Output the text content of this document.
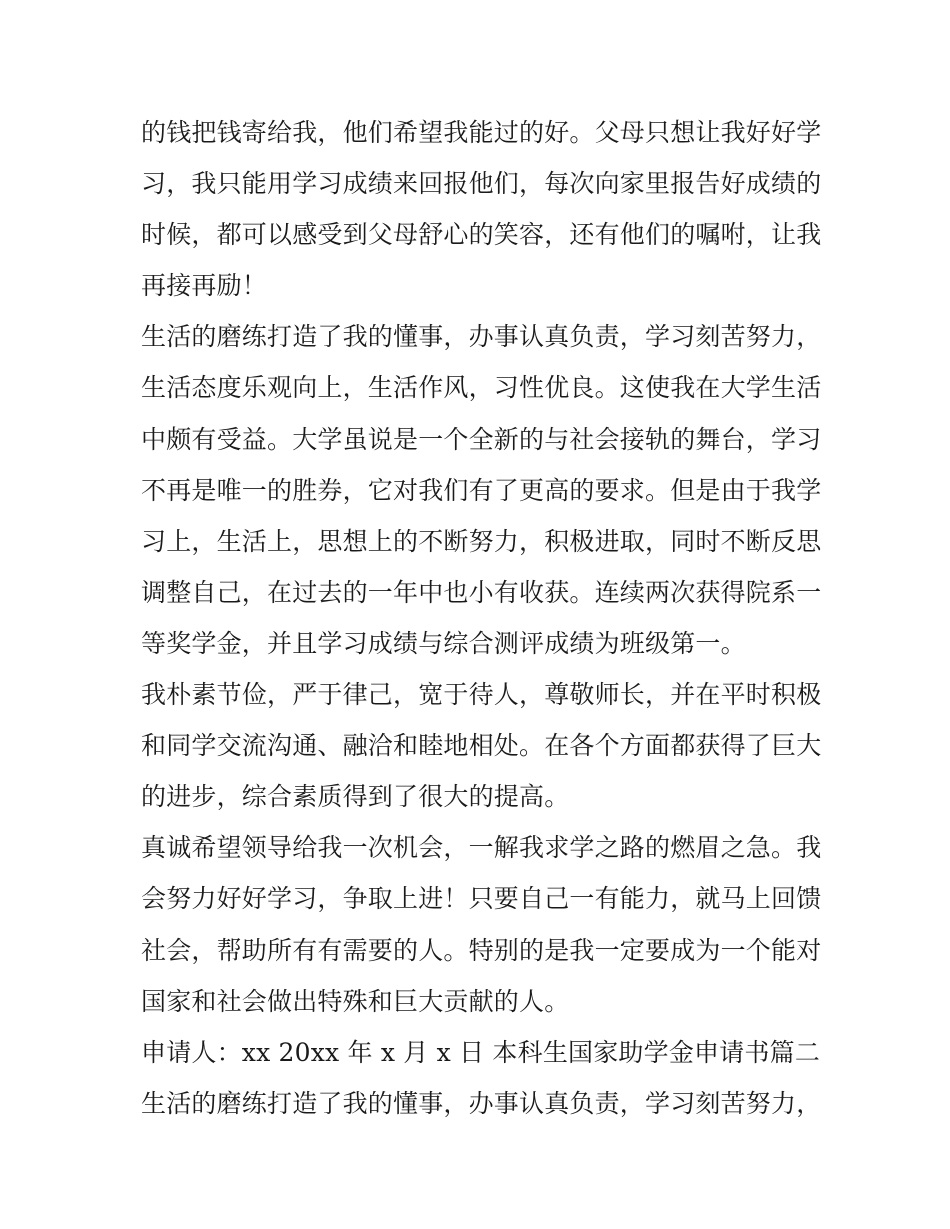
的钱把钱寄给我，他们希望我能过的好。父母只想让我好好学
习，我只能用学习成绩来回报他们，每次向家里报告好成绩的
时候，都可以感受到父母舒心的笑容，还有他们的嘱咐，让我
再接再励！
生活的磨练打造了我的懂事，办事认真负责，学习刻苦努力，
生活态度乐观向上，生活作风，习性优良。这使我在大学生活
中颇有受益。大学虽说是一个全新的与社会接轨的舞台，学习
不再是唯一的胜券，它对我们有了更高的要求。但是由于我学
习上，生活上，思想上的不断努力，积极进取，同时不断反思
调整自己，在过去的一年中也小有收获。连续两次获得院系一
等奖学金，并且学习成绩与综合测评成绩为班级第一。
我朴素节俭，严于律己，宽于待人，尊敬师长，并在平时积极
和同学交流沟通、融洽和睦地相处。在各个方面都获得了巨大
的进步，综合素质得到了很大的提高。
真诚希望领导给我一次机会，一解我求学之路的燃眉之急。我
会努力好好学习，争取上进！只要自己一有能力，就马上回馈
社会，帮助所有有需要的人。特别的是我一定要成为一个能对
国家和社会做出特殊和巨大贡献的人。
申请人：xx 20xx 年 x 月 x 日 本科生国家助学金申请书篇二
生活的磨练打造了我的懂事，办事认真负责，学习刻苦努力，
